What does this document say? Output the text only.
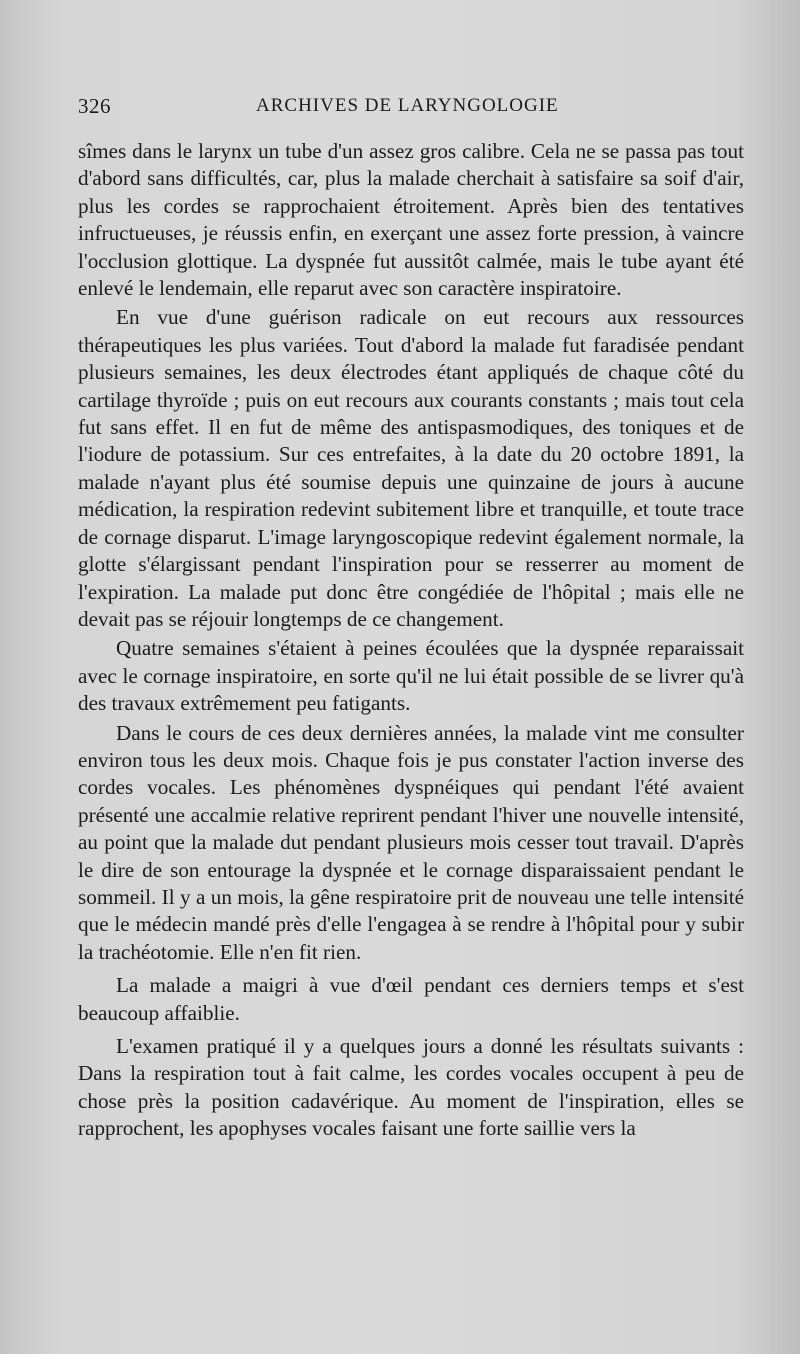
326	ARCHIVES DE LARYNGOLOGIE

sîmes dans le larynx un tube d'un assez gros calibre. Cela ne se passa pas tout d'abord sans difficultés, car, plus la malade cherchait à satisfaire sa soif d'air, plus les cordes se rapprochaient étroitement. Après bien des tentatives infructueuses, je réussis enfin, en exerçant une assez forte pression, à vaincre l'occlusion glottique. La dyspnée fut aussitôt calmée, mais le tube ayant été enlevé le lendemain, elle reparut avec son caractère inspiratoire.

En vue d'une guérison radicale on eut recours aux ressources thérapeutiques les plus variées. Tout d'abord la malade fut faradisée pendant plusieurs semaines, les deux électrodes étant appliqués de chaque côté du cartilage thyroïde ; puis on eut recours aux courants constants ; mais tout cela fut sans effet. Il en fut de même des antispasmodiques, des toniques et de l'iodure de potassium. Sur ces entrefaites, à la date du 20 octobre 1891, la malade n'ayant plus été soumise depuis une quinzaine de jours à aucune médication, la respiration redevint subitement libre et tranquille, et toute trace de cornage disparut. L'image laryngoscopique redevint également normale, la glotte s'élargissant pendant l'inspiration pour se resserrer au moment de l'expiration. La malade put donc être congédiée de l'hôpital ; mais elle ne devait pas se réjouir longtemps de ce changement.

Quatre semaines s'étaient à peines écoulées que la dyspnée reparaissait avec le cornage inspiratoire, en sorte qu'il ne lui était possible de se livrer qu'à des travaux extrêmement peu fatigants.

Dans le cours de ces deux dernières années, la malade vint me consulter environ tous les deux mois. Chaque fois je pus constater l'action inverse des cordes vocales. Les phénomènes dyspnéiques qui pendant l'été avaient présenté une accalmie relative reprirent pendant l'hiver une nouvelle intensité, au point que la malade dut pendant plusieurs mois cesser tout travail. D'après le dire de son entourage la dyspnée et le cornage disparaissaient pendant le sommeil. Il y a un mois, la gêne respiratoire prit de nouveau une telle intensité que le médecin mandé près d'elle l'engagea à se rendre à l'hôpital pour y subir la trachéotomie. Elle n'en fit rien.

La malade a maigri à vue d'œil pendant ces derniers temps et s'est beaucoup affaiblie.

L'examen pratiqué il y a quelques jours a donné les résultats suivants : Dans la respiration tout à fait calme, les cordes vocales occupent à peu de chose près la position cadavérique. Au moment de l'inspiration, elles se rapprochent, les apophyses vocales faisant une forte saillie vers la
